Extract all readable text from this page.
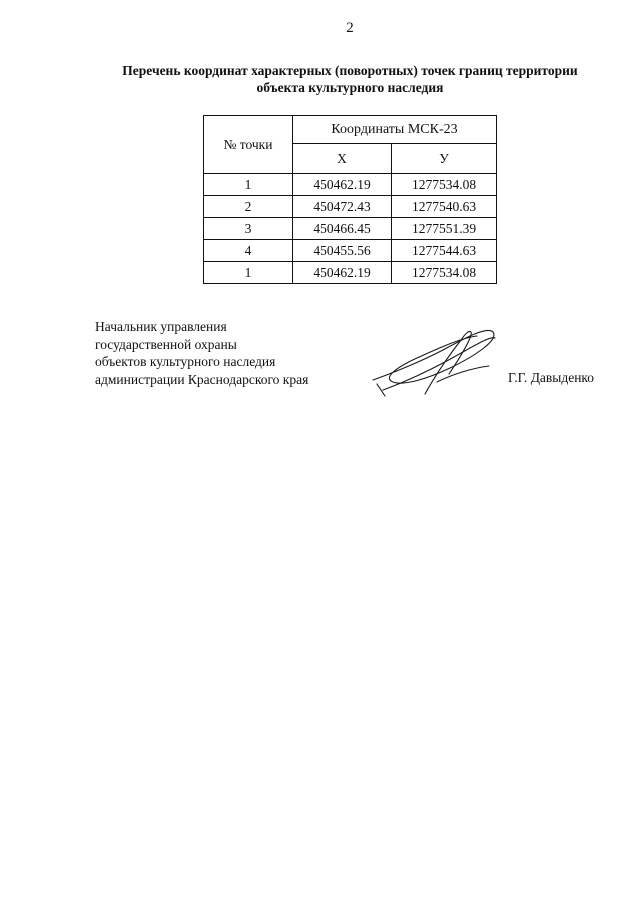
2
Перечень координат характерных (поворотных) точек границ территории
объекта культурного наследия
№ точки	Координаты МСК-23	
	Х	У
1	450462.19	1277534.08
2	450472.43	1277540.63
3	450466.45	1277551.39
4	450455.56	1277544.63
1	450462.19	1277534.08
Начальник управления
государственной охраны
объектов культурного наследия
администрации Краснодарского края	Г.Г. Давыденко
